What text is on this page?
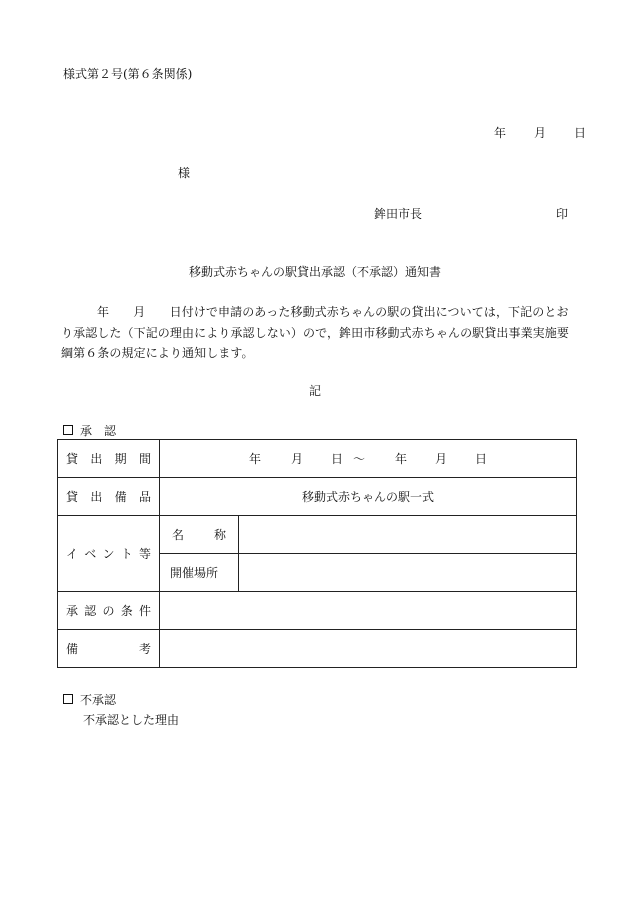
様式第２号(第６条関係)
年 月 日
様
鉾田市長	印
移動式赤ちゃんの駅貸出承認（不承認）通知書
年　　月　　日付けで申請のあった移動式赤ちゃんの駅の貸出については，下記のとおり承認した（下記の理由により承認しない）ので，鉾田市移動式赤ちゃんの駅貸出事業実施要綱第６条の規定により通知します。
記
承　認
貸出期間	年 月 日 ～ 年 月 日	
貸出備品	移動式赤ちゃんの駅一式	
イベント等	名　称	
	開催場所	
承認の条件		
備考		
不承認
不承認とした理由
